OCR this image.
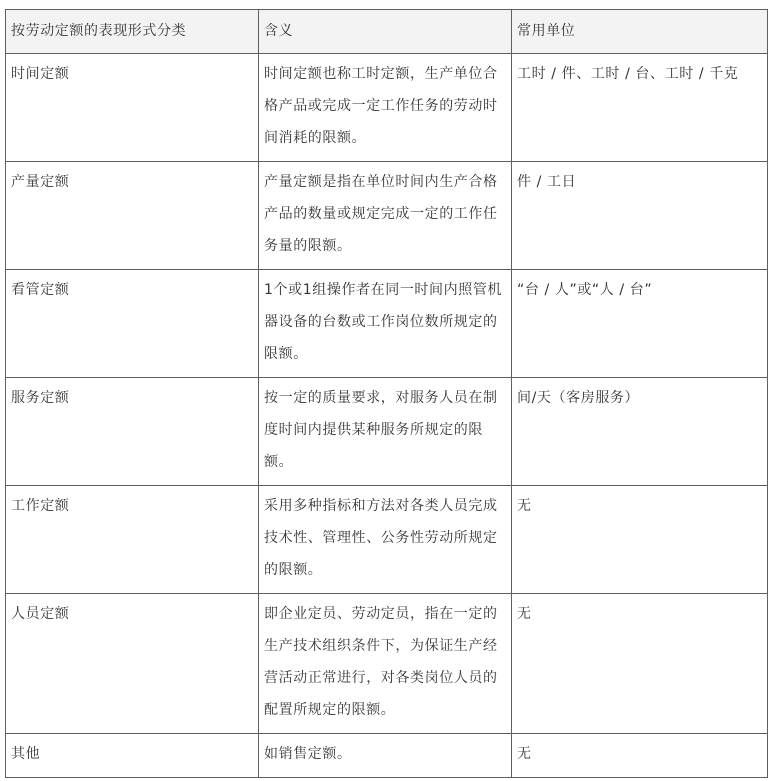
按劳动定额的表现形式分类	含义	常用单位
时间定额	时间定额也称工时定额，生产单位合格产品或完成一定工作任务的劳动时间消耗的限额。	工时 / 件、工时 / 台、工时 / 千克
产量定额	产量定额是指在单位时间内生产合格产品的数量或规定完成一定的工作任务量的限额。	件 / 工日
看管定额	1个或1组操作者在同一时间内照管机器设备的台数或工作岗位数所规定的限额。	“台 / 人”或“人 / 台”
服务定额	按一定的质量要求，对服务人员在制度时间内提供某种服务所规定的限额。	间/天（客房服务）
工作定额	采用多种指标和方法对各类人员完成技术性、管理性、公务性劳动所规定的限额。	无
人员定额	即企业定员、劳动定员，指在一定的生产技术组织条件下，为保证生产经营活动正常进行，对各类岗位人员的配置所规定的限额。	无
其他	如销售定额。	无
